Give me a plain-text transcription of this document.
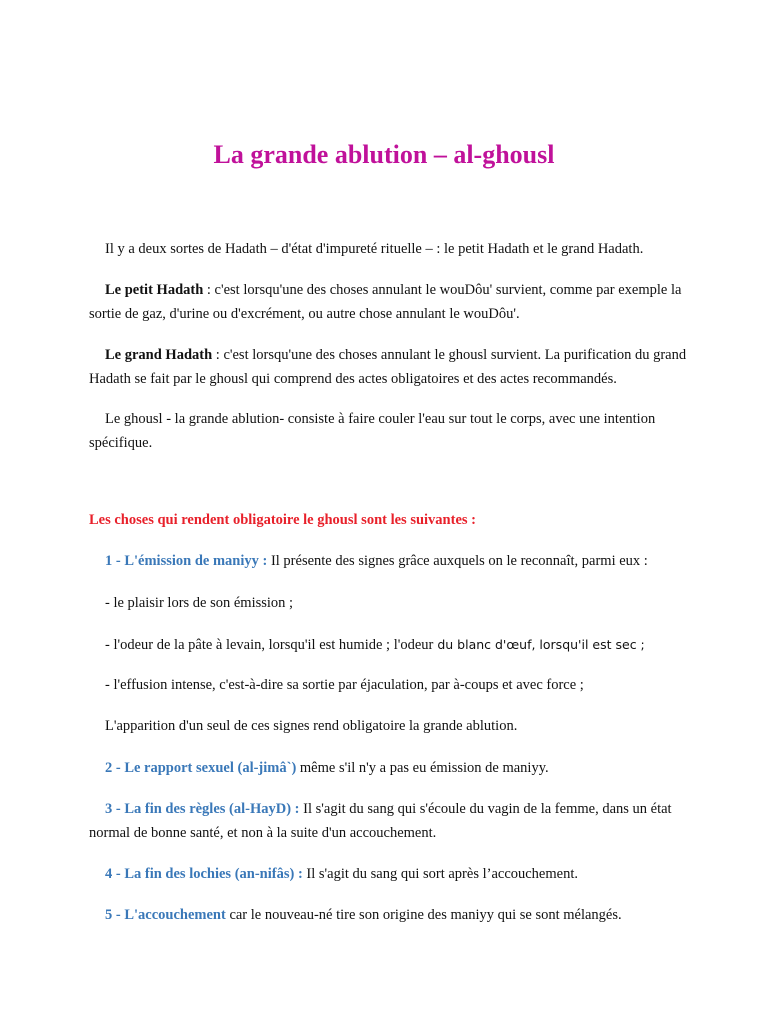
La grande ablution – al-ghousl

Il y a deux sortes de Hadath – d'état d'impureté rituelle – : le petit Hadath et le grand Hadath.

Le petit Hadath : c'est lorsqu'une des choses annulant le wouDôu' survient, comme par exemple la sortie de gaz, d'urine ou d'excrément, ou autre chose annulant le wouDôu'.

Le grand Hadath : c'est lorsqu'une des choses annulant le ghousl survient. La purification du grand Hadath se fait par le ghousl qui comprend des actes obligatoires et des actes recommandés.

Le ghousl - la grande ablution- consiste à faire couler l'eau sur tout le corps, avec une intention spécifique.

Les choses qui rendent obligatoire le ghousl sont les suivantes :

1 - L'émission de maniyy : Il présente des signes grâce auxquels on le reconnaît, parmi eux :

- le plaisir lors de son émission ;

- l'odeur de la pâte à levain, lorsqu'il est humide ; l'odeur du blanc d'œuf, lorsqu'il est sec ;

- l'effusion intense, c'est-à-dire sa sortie par éjaculation, par à-coups et avec force ;

L'apparition d'un seul de ces signes rend obligatoire la grande ablution.

2 - Le rapport sexuel (al-jimâ`) même s'il n'y a pas eu émission de maniyy.

3 - La fin des règles (al-HayD) : Il s'agit du sang qui s'écoule du vagin de la femme, dans un état normal de bonne santé, et non à la suite d'un accouchement.

4 - La fin des lochies (an-nifâs) : Il s'agit du sang qui sort après l’accouchement.

5 - L'accouchement car le nouveau-né tire son origine des maniyy qui se sont mélangés.
